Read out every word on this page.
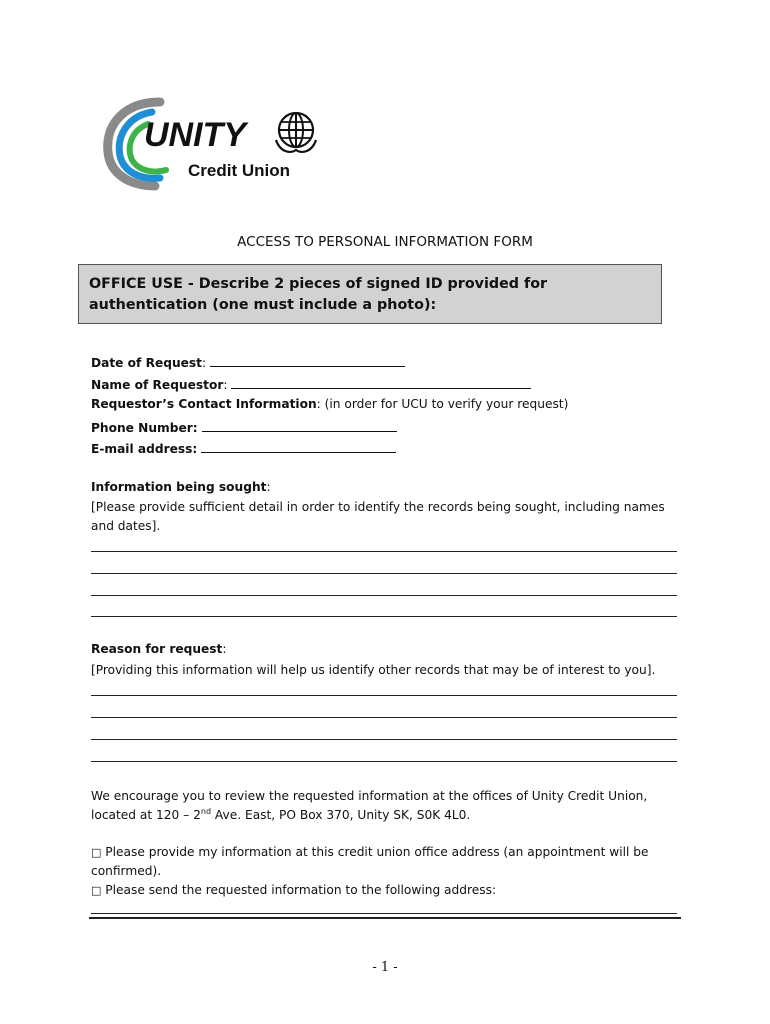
UNITY
Credit Union
ACCESS TO PERSONAL INFORMATION FORM
OFFICE USE - Describe 2 pieces of signed ID provided for authentication (one must include a photo):
Date of Request:
Name of Requestor:
Requestor’s Contact Information: (in order for UCU to verify your request)
Phone Number:
E-mail address:
Information being sought:
[Please provide sufficient detail in order to identify the records being sought, including names and dates].
Reason for request:
[Providing this information will help us identify other records that may be of interest to you].
We encourage you to review the requested information at the offices of Unity Credit Union, located at 120 – 2nd Ave. East, PO Box 370, Unity SK, S0K 4L0.
□ Please provide my information at this credit union office address (an appointment will be confirmed).
□ Please send the requested information to the following address:
- 1 -
